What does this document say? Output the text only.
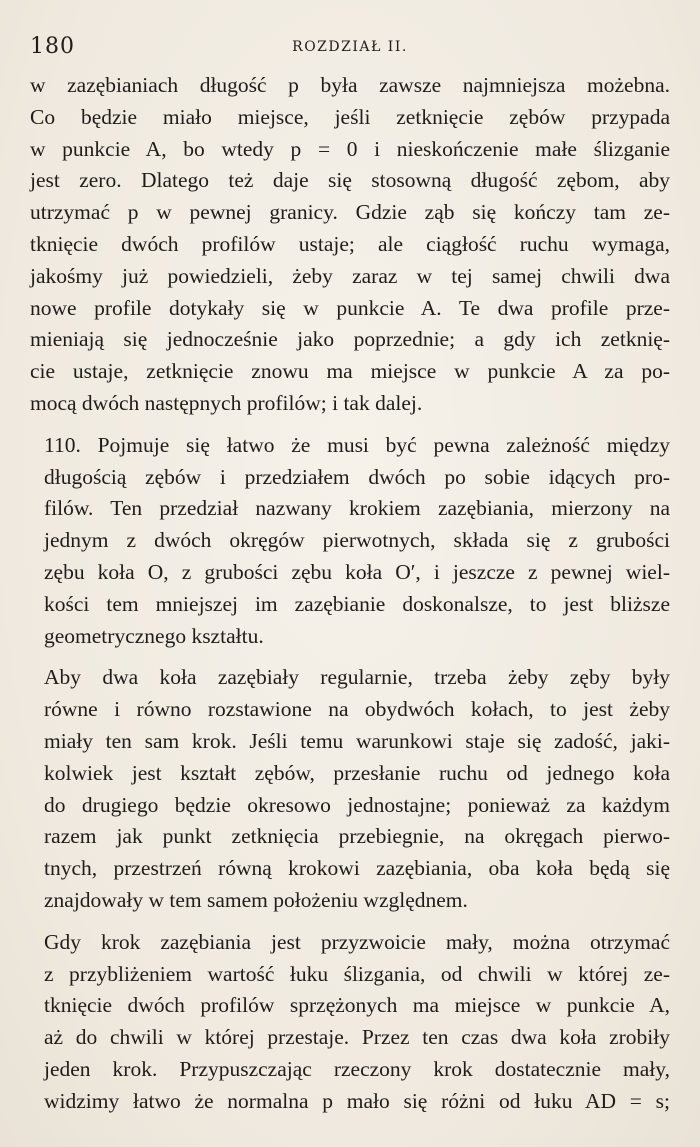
180	ROZDZIAŁ II.
w zazębianiach długość p była zawsze najmniejsza możebna.
Co będzie miało miejsce, jeśli zetknięcie zębów przypada
w punkcie A, bo wtedy p = 0 i nieskończenie małe ślizganie
jest zero. Dlatego też daje się stosowną długość zębom, aby
utrzymać p w pewnej granicy. Gdzie ząb się kończy tam ze-
tknięcie dwóch profilów ustaje; ale ciągłość ruchu wymaga,
jakośmy już powiedzieli, żeby zaraz w tej samej chwili dwa
nowe profile dotykały się w punkcie A. Te dwa profile prze-
mieniają się jednocześnie jako poprzednie; a gdy ich zetknię-
cie ustaje, zetknięcie znowu ma miejsce w punkcie A za po-
mocą dwóch następnych profilów; i tak dalej.
110. Pojmuje się łatwo że musi być pewna zależność między
długością zębów i przedziałem dwóch po sobie idących pro-
filów. Ten przedział nazwany krokiem zazębiania, mierzony na
jednym z dwóch okręgów pierwotnych, składa się z grubości
zębu koła O, z grubości zębu koła O′, i jeszcze z pewnej wiel-
kości tem mniejszej im zazębianie doskonalsze, to jest bliższe
geometrycznego kształtu.
Aby dwa koła zazębiały regularnie, trzeba żeby zęby były
równe i równo rozstawione na obydwóch kołach, to jest żeby
miały ten sam krok. Jeśli temu warunkowi staje się zadość, jaki-
kolwiek jest kształt zębów, przesłanie ruchu od jednego koła
do drugiego będzie okresowo jednostajne; ponieważ za każdym
razem jak punkt zetknięcia przebiegnie, na okręgach pierwo-
tnych, przestrzeń równą krokowi zazębiania, oba koła będą się
znajdowały w tem samem położeniu względnem.
Gdy krok zazębiania jest przyzwoicie mały, można otrzymać
z przybliżeniem wartość łuku ślizgania, od chwili w której ze-
tknięcie dwóch profilów sprzężonych ma miejsce w punkcie A,
aż do chwili w której przestaje. Przez ten czas dwa koła zrobiły
jeden krok. Przypuszczając rzeczony krok dostatecznie mały,
widzimy łatwo że normalna p mało się różni od łuku AD = s;
